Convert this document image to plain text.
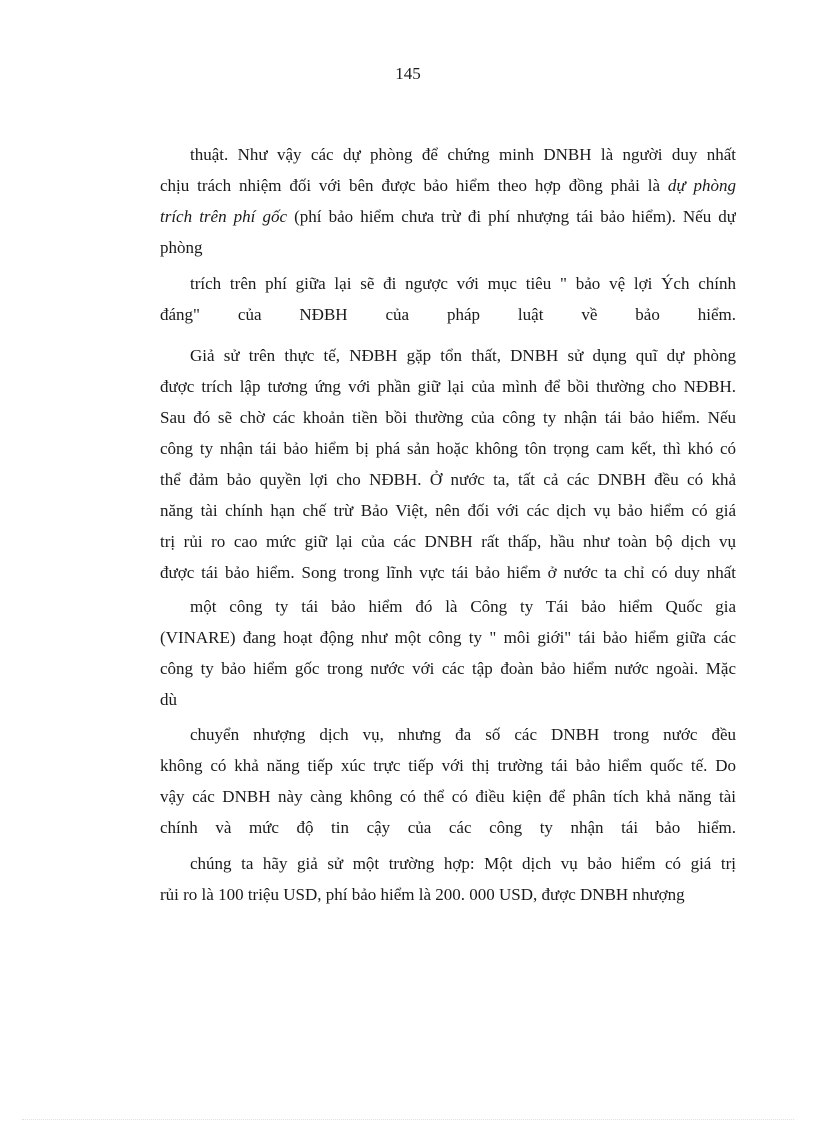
145
thuật. Như vậy các dự phòng để chứng minh DNBH là người duy nhất
chịu trách nhiệm đối với bên được bảo hiểm theo hợp đồng phải là dự phòng
trích trên phí gốc (phí bảo hiểm chưa trừ đi phí nhượng tái bảo hiểm). Nếu dự
phòng
trích trên phí giữa lại sẽ đi ngược với mục tiêu " bảo vệ lợi Ých chính
đáng" của NĐBH của pháp luật về bảo hiểm.
Giả sử trên thực tế, NĐBH gặp tổn thất, DNBH sử dụng quĩ dự phòng
được trích lập tương ứng với phần giữ lại của mình để bồi thường cho NĐBH.
Sau đó sẽ chờ các khoản tiền bồi thường của công ty nhận tái bảo hiểm. Nếu
công ty nhận tái bảo hiểm bị phá sản hoặc không tôn trọng cam kết, thì khó có
thể đảm bảo quyền lợi cho NĐBH. Ở nước ta, tất cả các DNBH đều có khả
năng tài chính hạn chế trừ Bảo Việt, nên đối với các dịch vụ bảo hiểm có giá
trị rủi ro cao mức giữ lại của các DNBH rất thấp, hầu như toàn bộ dịch vụ
được tái bảo hiểm. Song trong lĩnh vực tái bảo hiểm ở nước ta chỉ có duy nhất
một công ty tái bảo hiểm đó là Công ty Tái bảo hiểm Quốc gia
(VINARE) đang hoạt động như một công ty " môi giới" tái bảo hiểm giữa các
công ty bảo hiểm gốc trong nước với các tập đoàn bảo hiểm nước ngoài. Mặc
dù
chuyển nhượng dịch vụ, nhưng đa số các DNBH trong nước đều
không có khả năng tiếp xúc trực tiếp với thị trường tái bảo hiểm quốc tế. Do
vậy các DNBH này càng không có thể có điều kiện để phân tích khả năng tài
chính và mức độ tin cậy của các công ty nhận tái bảo hiểm.
chúng ta hãy giả sử một trường hợp: Một dịch vụ bảo hiểm có giá trị
rủi ro là 100 triệu USD, phí bảo hiểm là 200. 000 USD, được DNBH nhượng
